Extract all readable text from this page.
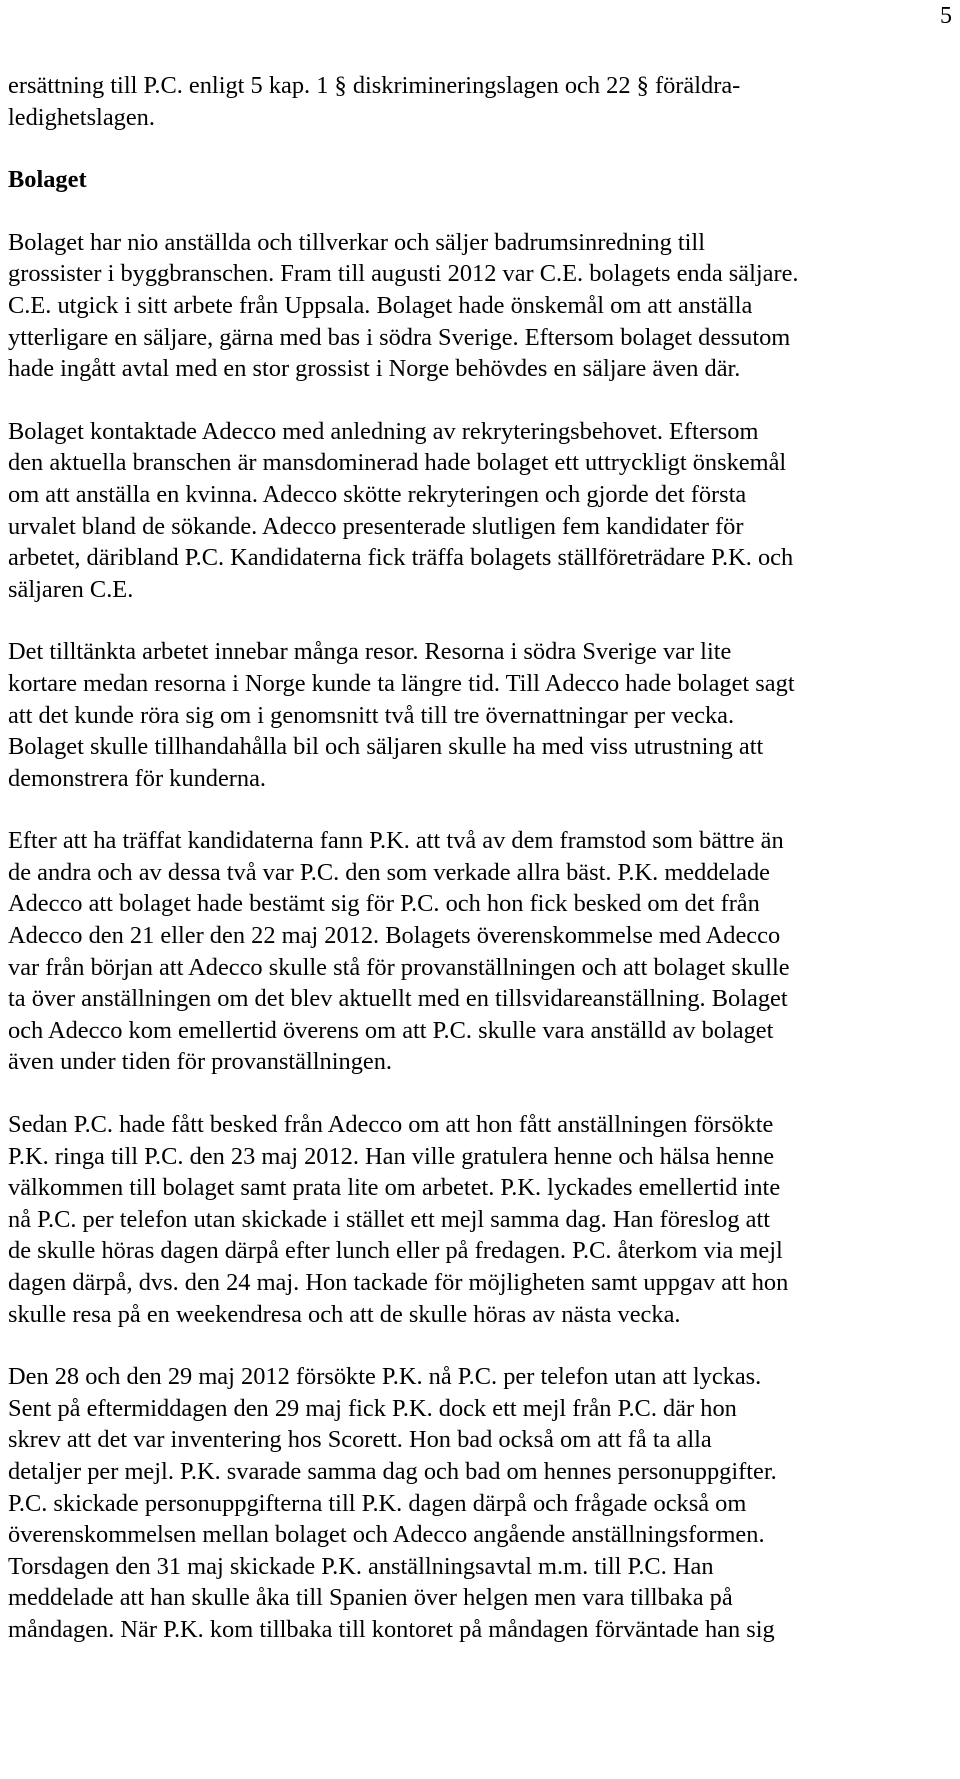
5

ersättning till P.C. enligt 5 kap. 1 § diskrimineringslagen och 22 § föräldra-
ledighetslagen.

Bolaget

Bolaget har nio anställda och tillverkar och säljer badrumsinredning till
grossister i byggbranschen. Fram till augusti 2012 var C.E. bolagets enda säljare.
C.E. utgick i sitt arbete från Uppsala. Bolaget hade önskemål om att anställa
ytterligare en säljare, gärna med bas i södra Sverige. Eftersom bolaget dessutom
hade ingått avtal med en stor grossist i Norge behövdes en säljare även där.

Bolaget kontaktade Adecco med anledning av rekryteringsbehovet. Eftersom
den aktuella branschen är mansdominerad hade bolaget ett uttryckligt önskemål
om att anställa en kvinna. Adecco skötte rekryteringen och gjorde det första
urvalet bland de sökande. Adecco presenterade slutligen fem kandidater för
arbetet, däribland P.C. Kandidaterna fick träffa bolagets ställföreträdare P.K. och
säljaren C.E.

Det tilltänkta arbetet innebar många resor. Resorna i södra Sverige var lite
kortare medan resorna i Norge kunde ta längre tid. Till Adecco hade bolaget sagt
att det kunde röra sig om i genomsnitt två till tre övernattningar per vecka.
Bolaget skulle tillhandahålla bil och säljaren skulle ha med viss utrustning att
demonstrera för kunderna.

Efter att ha träffat kandidaterna fann P.K. att två av dem framstod som bättre än
de andra och av dessa två var P.C. den som verkade allra bäst. P.K. meddelade
Adecco att bolaget hade bestämt sig för P.C. och hon fick besked om det från
Adecco den 21 eller den 22 maj 2012. Bolagets överenskommelse med Adecco
var från början att Adecco skulle stå för provanställningen och att bolaget skulle
ta över anställningen om det blev aktuellt med en tillsvidareanställning. Bolaget
och Adecco kom emellertid överens om att P.C. skulle vara anställd av bolaget
även under tiden för provanställningen.

Sedan P.C. hade fått besked från Adecco om att hon fått anställningen försökte
P.K. ringa till P.C. den 23 maj 2012. Han ville gratulera henne och hälsa henne
välkommen till bolaget samt prata lite om arbetet. P.K. lyckades emellertid inte
nå P.C. per telefon utan skickade i stället ett mejl samma dag. Han föreslog att
de skulle höras dagen därpå efter lunch eller på fredagen. P.C. återkom via mejl
dagen därpå, dvs. den 24 maj. Hon tackade för möjligheten samt uppgav att hon
skulle resa på en weekendresa och att de skulle höras av nästa vecka.

Den 28 och den 29 maj 2012 försökte P.K. nå P.C. per telefon utan att lyckas.
Sent på eftermiddagen den 29 maj fick P.K. dock ett mejl från P.C. där hon
skrev att det var inventering hos Scorett. Hon bad också om att få ta alla
detaljer per mejl. P.K. svarade samma dag och bad om hennes personuppgifter.
P.C. skickade personuppgifterna till P.K. dagen därpå och frågade också om
överenskommelsen mellan bolaget och Adecco angående anställningsformen.
Torsdagen den 31 maj skickade P.K. anställningsavtal m.m. till P.C. Han
meddelade att han skulle åka till Spanien över helgen men vara tillbaka på
måndagen. När P.K. kom tillbaka till kontoret på måndagen förväntade han sig
